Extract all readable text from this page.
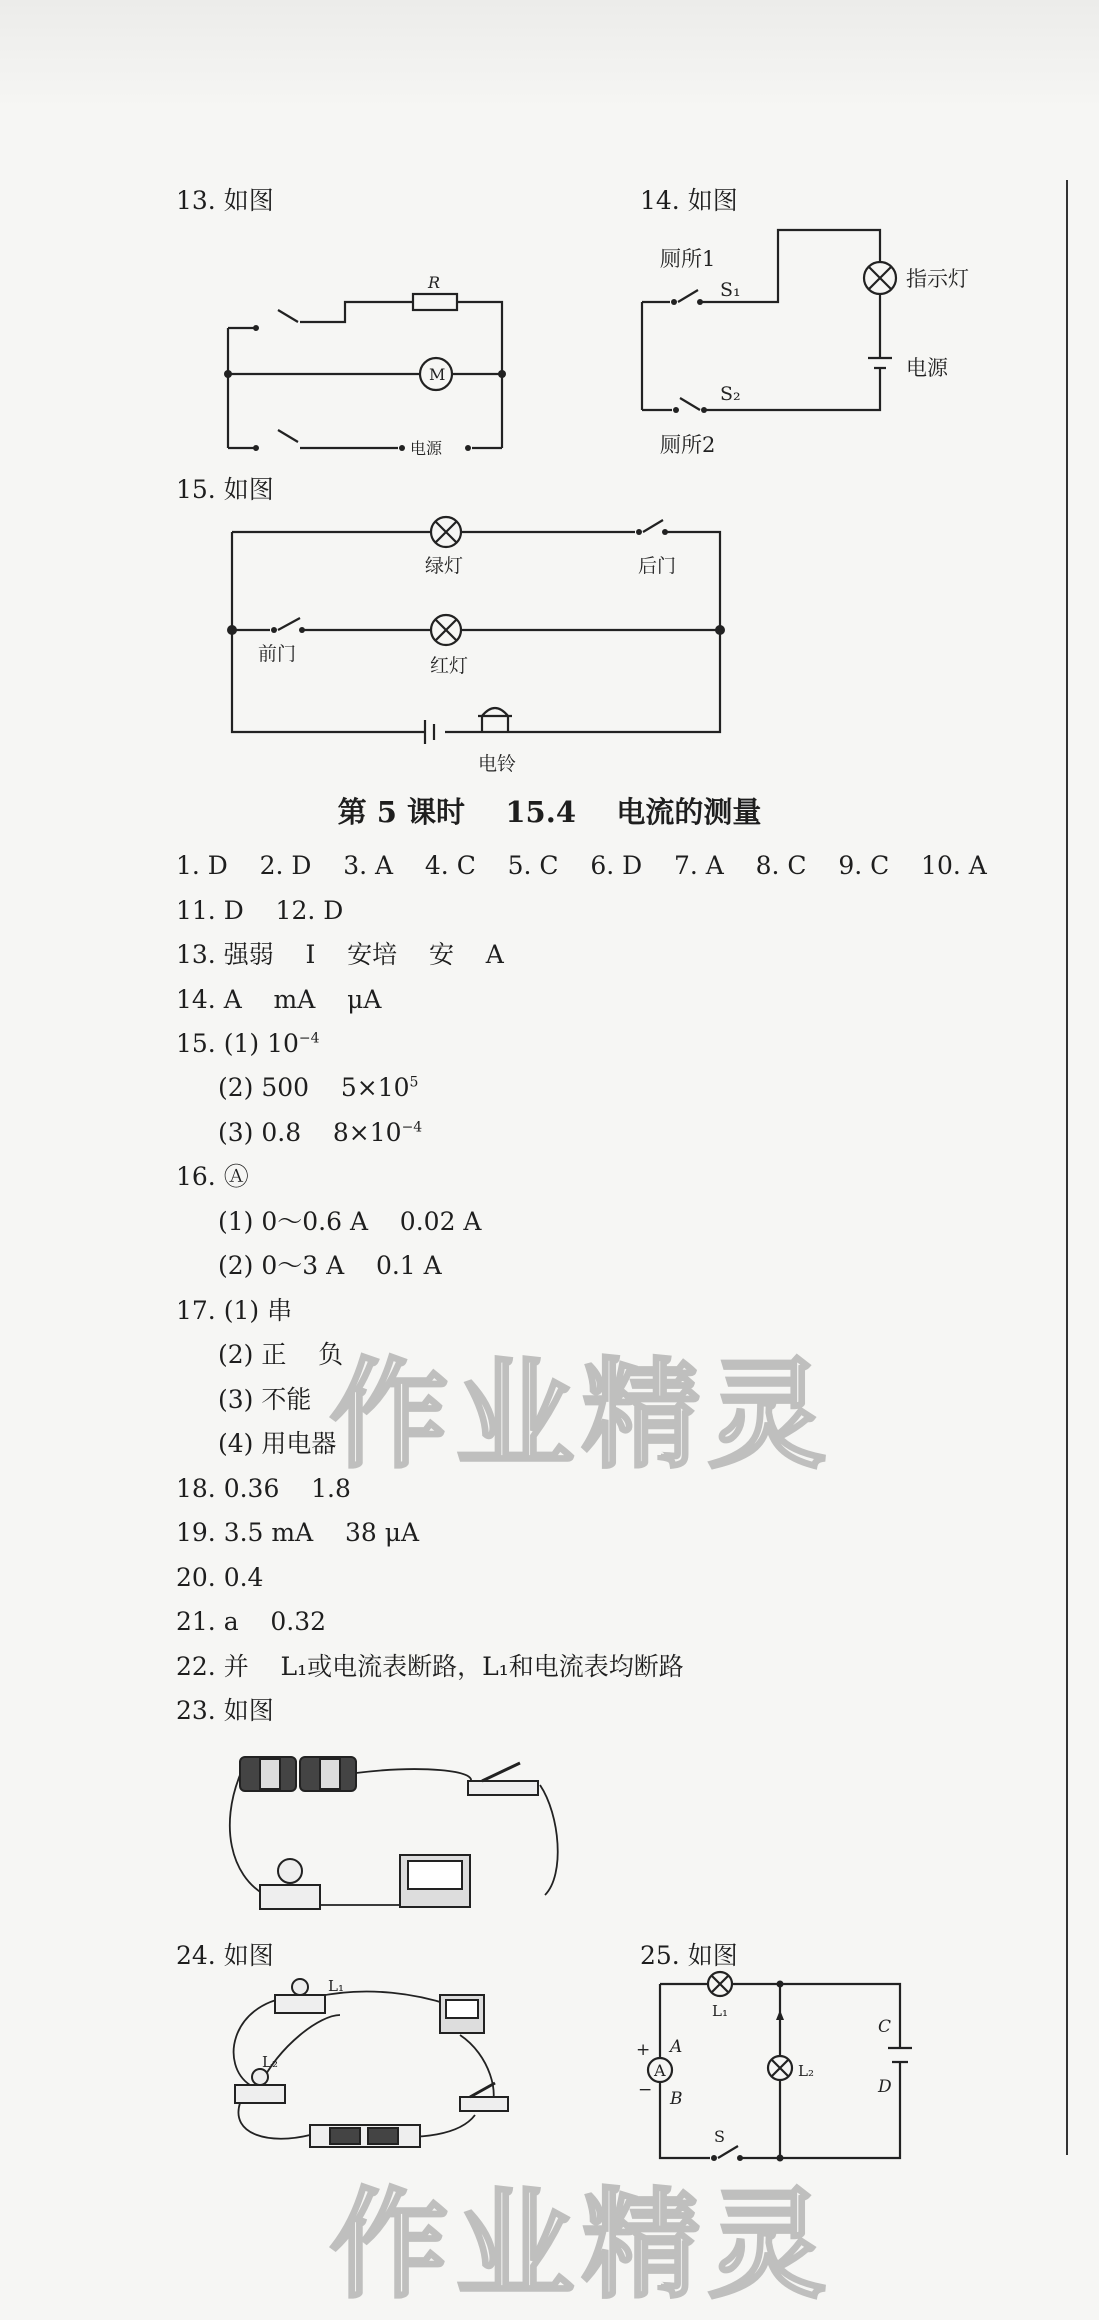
13. 如图
R
M
电源
14. 如图
厕所1
S₁
S₂
厕所2
指示灯
电源
15. 如图
绿灯	后门
前门
红灯
电铃
第 5 课时    15.4    电流的测量
1. D    2. D    3. A    4. C    5. C    6. D    7. A    8. C    9. C    10. A
11. D    12. D
13. 强弱    I    安培    安    A
14. A    mA    μA
15. (1) $10^{-4}$
(2) 500    $5\times 10^5$
(3) 0.8    $8\times 10^{-4}$
16. Ⓐ
(1) 0～0.6 A    0.02 A
(2) 0～3 A    0.1 A
17. (1) 串
(2) 正    负
(3) 不能
(4) 用电器
18. 0.36    1.8
19. 3.5 mA    38 μA
20. 0.4
21. a    0.32
22. 并    L₁或电流表断路，L₁和电流表均断路
23. 如图
24. 如图	25. 如图
L₁
L₂	A
+
−
A
B
L₁
L₂
C
D
S
作业精灵
作业精灵
